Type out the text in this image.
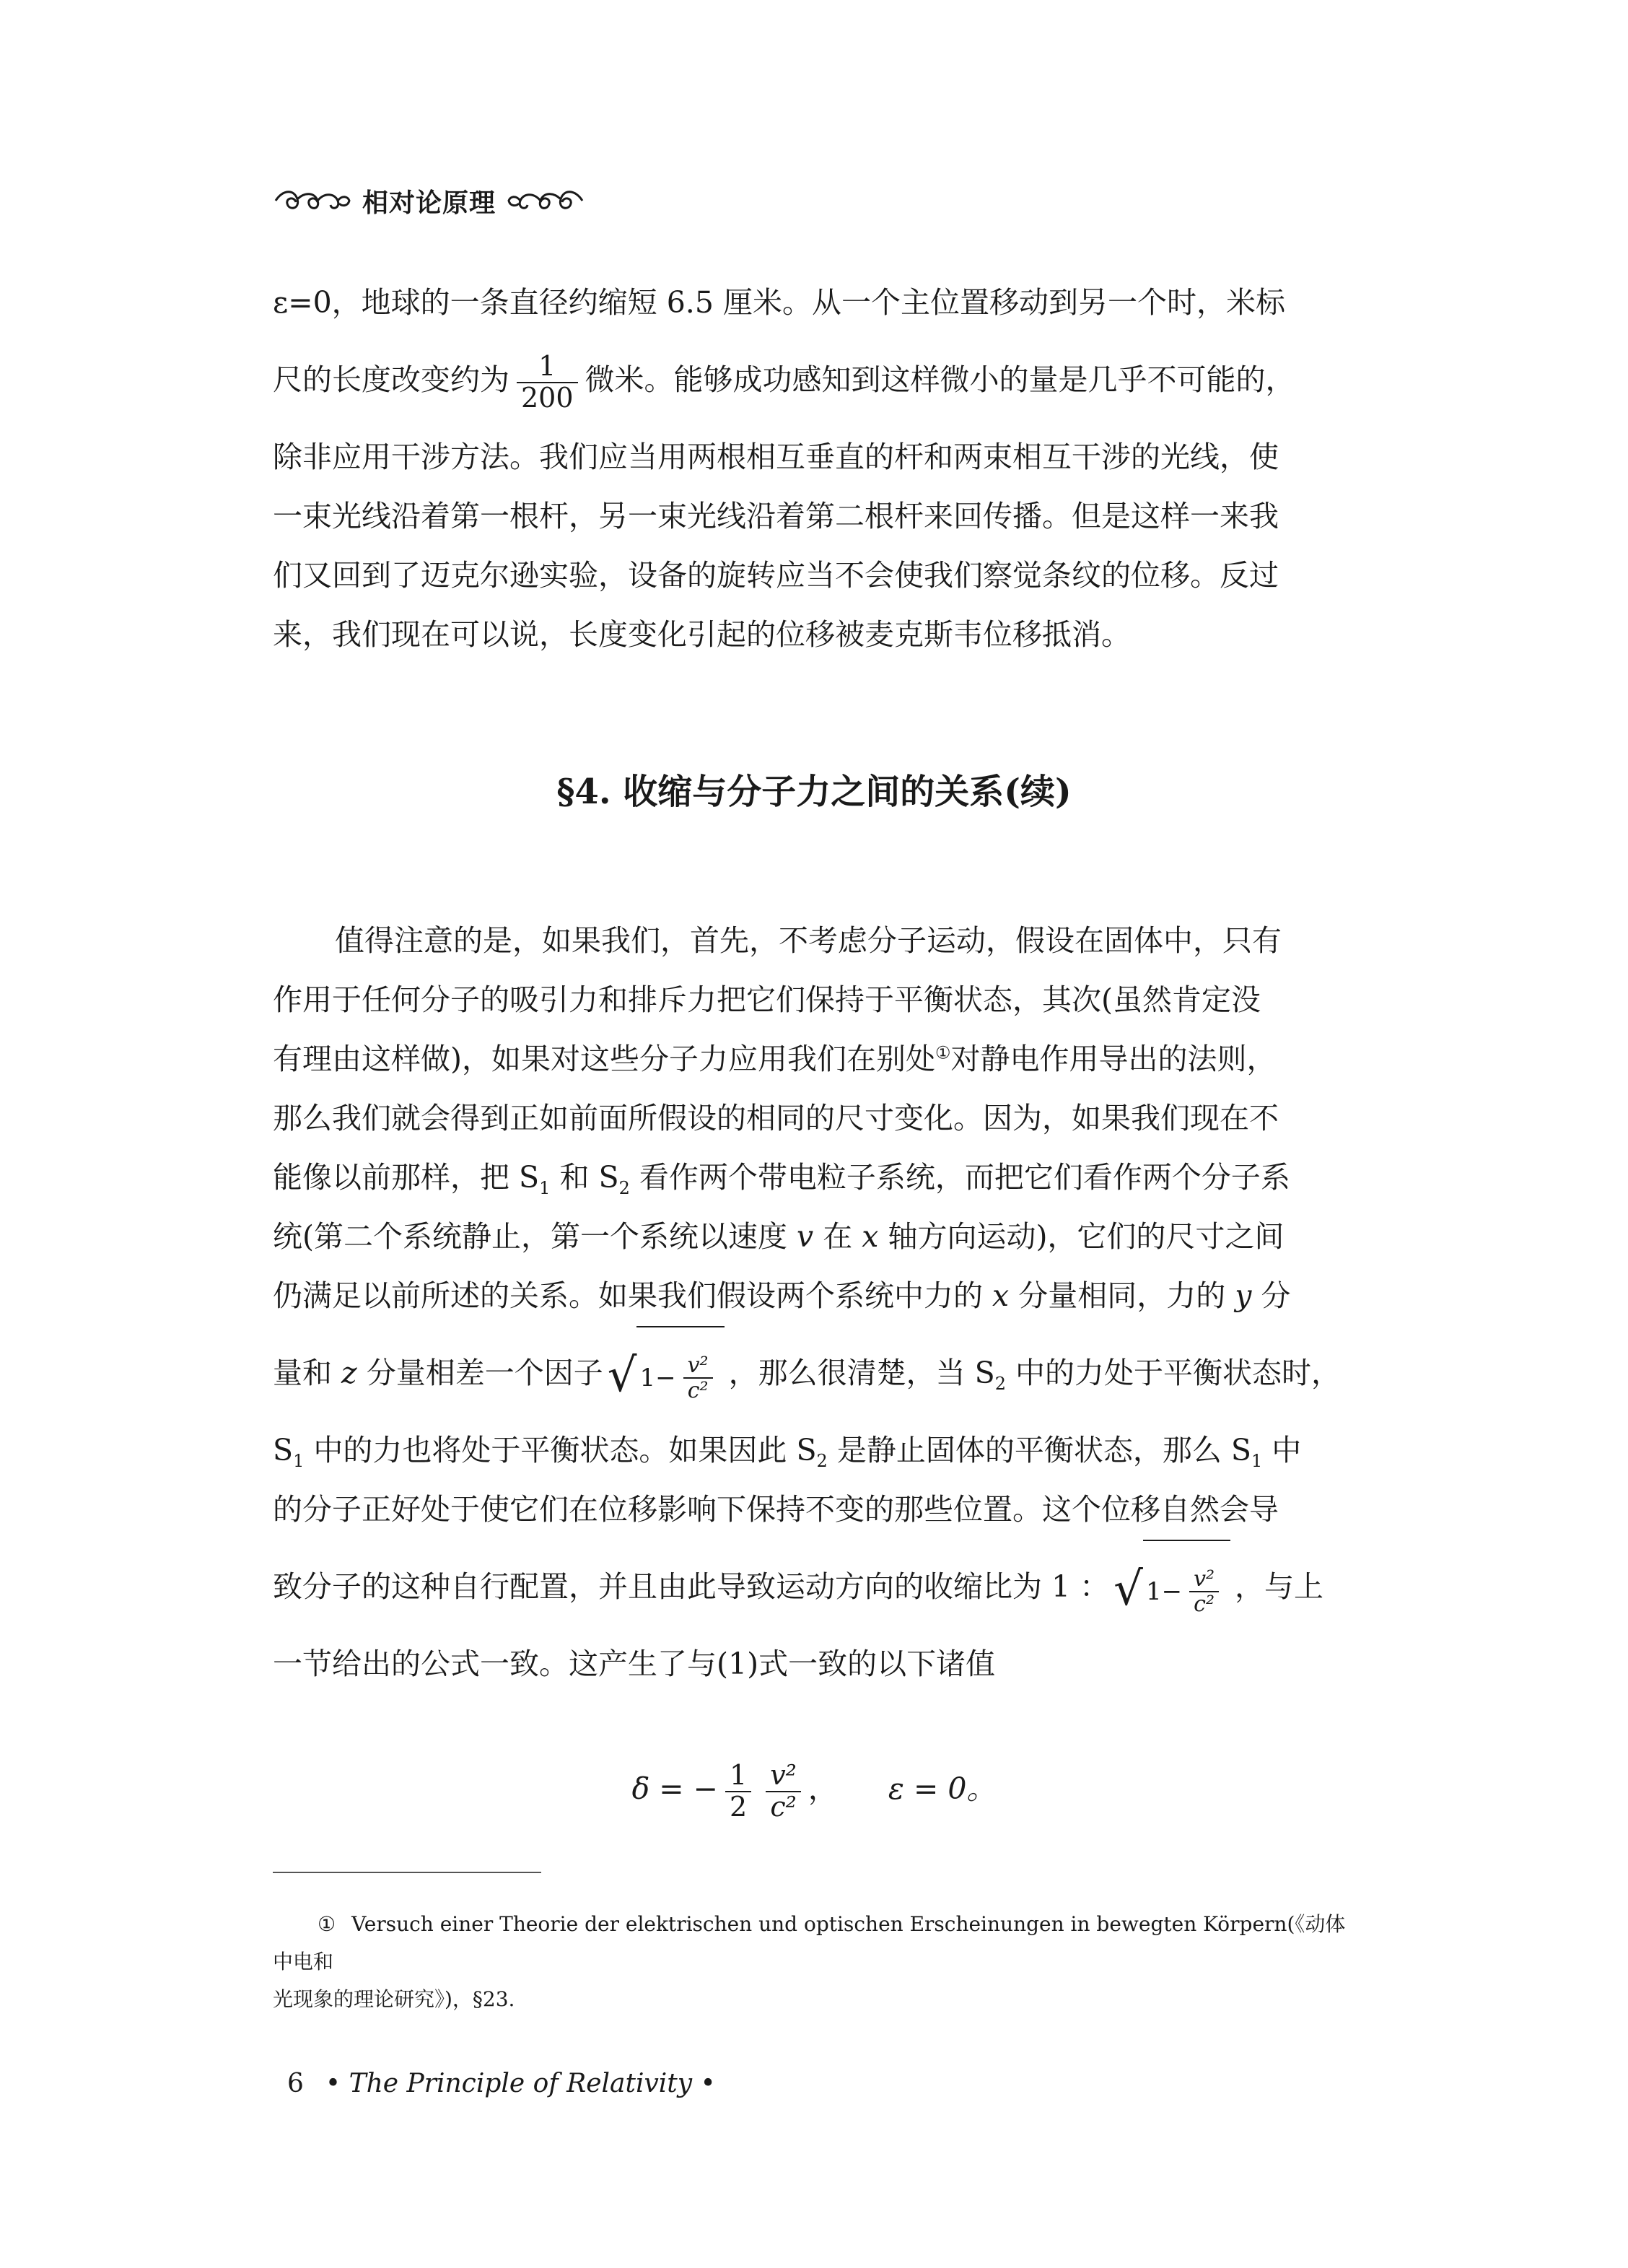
相对论原理
ε=0，地球的一条直径约缩短 6.5 厘米。从一个主位置移动到另一个时，米标
尺的长度改变约为 $\frac{1}{200}$ 微米。能够成功感知到这样微小的量是几乎不可能的，
除非应用干涉方法。我们应当用两根相互垂直的杆和两束相互干涉的光线，使
一束光线沿着第一根杆，另一束光线沿着第二根杆来回传播。但是这样一来我
们又回到了迈克尔逊实验，设备的旋转应当不会使我们察觉条纹的位移。反过
来，我们现在可以说，长度变化引起的位移被麦克斯韦位移抵消。
§4. 收缩与分子力之间的关系(续)
值得注意的是，如果我们，首先，不考虑分子运动，假设在固体中，只有
作用于任何分子的吸引力和排斥力把它们保持于平衡状态，其次(虽然肯定没
有理由这样做)，如果对这些分子力应用我们在别处①对静电作用导出的法则，
那么我们就会得到正如前面所假设的相同的尺寸变化。因为，如果我们现在不
能像以前那样，把 $S_1$ 和 $S_2$ 看作两个带电粒子系统，而把它们看作两个分子系
统(第二个系统静止，第一个系统以速度 v 在 x 轴方向运动)，它们的尺寸之间
仍满足以前所述的关系。如果我们假设两个系统中力的 x 分量相同，力的 y 分
量和 z 分量相差一个因子 √ $1- \frac{\text{v²}}{\text{c²}}$ ，那么很清楚，当 $S_2$ 中的力处于平衡状态时，
$S_1$ 中的力也将处于平衡状态。如果因此 $S_2$ 是静止固体的平衡状态，那么 $S_1$ 中
的分子正好处于使它们在位移影响下保持不变的那些位置。这个位移自然会导
致分子的这种自行配置，并且由此导致运动方向的收缩比为 1 ： √ $1- \frac{\text{v²}}{\text{c²}}$ ，与上
一节给出的公式一致。这产生了与(1)式一致的以下诸值
δ = − $\frac{1}{2} \frac{\text{v²}}{\text{c²}}$ ， ε = 0。
① Versuch einer Theorie der elektrischen und optischen Erscheinungen in bewegten Körpern(《动体中电和
光现象的理论研究》)，§23.
6 • The Principle of Relativity •
